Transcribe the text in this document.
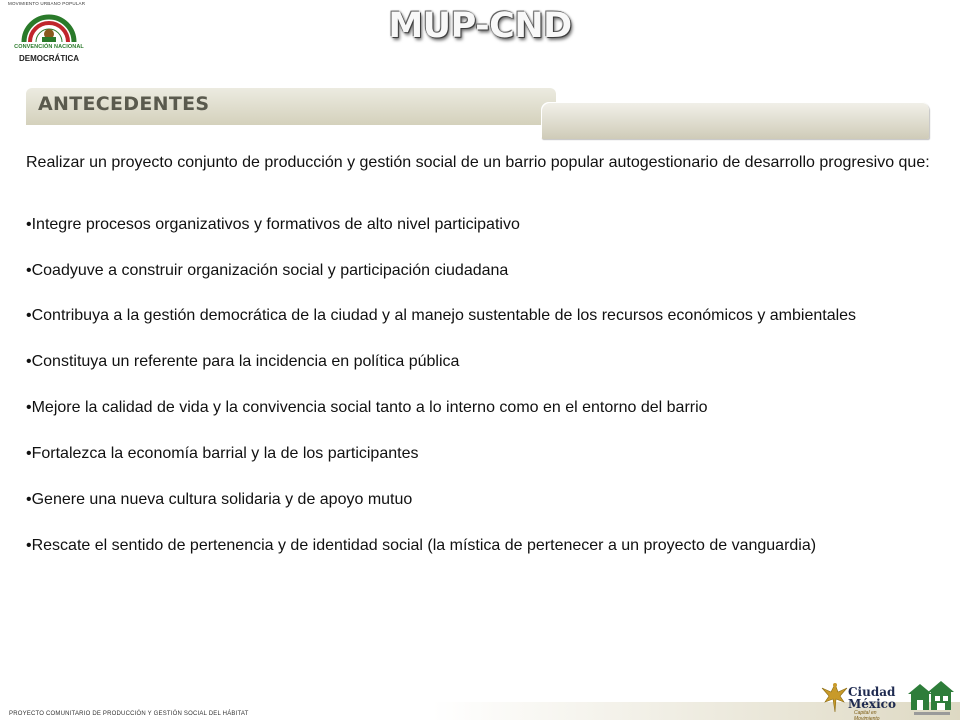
MOVIMIENTO URBANO POPULAR
CONVENCIÓN NACIONAL
DEMOCRÁTICA
MUP-CND
ANTECEDENTES

Realizar un proyecto conjunto de producción y gestión social de un barrio popular autogestionario de desarrollo progresivo que:

•Integre procesos organizativos y formativos de alto nivel participativo

•Coadyuve a construir organización social y participación ciudadana

•Contribuya a la gestión democrática de la ciudad y al manejo sustentable de los recursos económicos y ambientales

•Constituya un referente para la incidencia en política pública

•Mejore la calidad de vida y la convivencia social tanto a lo interno como en el entorno del barrio

•Fortalezca la economía barrial y la de los participantes

•Genere una nueva cultura solidaria y de apoyo mutuo

•Rescate el sentido de pertenencia y de identidad social (la mística de pertenecer a un proyecto de vanguardia)

PROYECTO COMUNITARIO DE PRODUCCIÓN Y GESTIÓN SOCIAL DEL HÁBITAT
Ciudad
México
Capital en Movimiento
